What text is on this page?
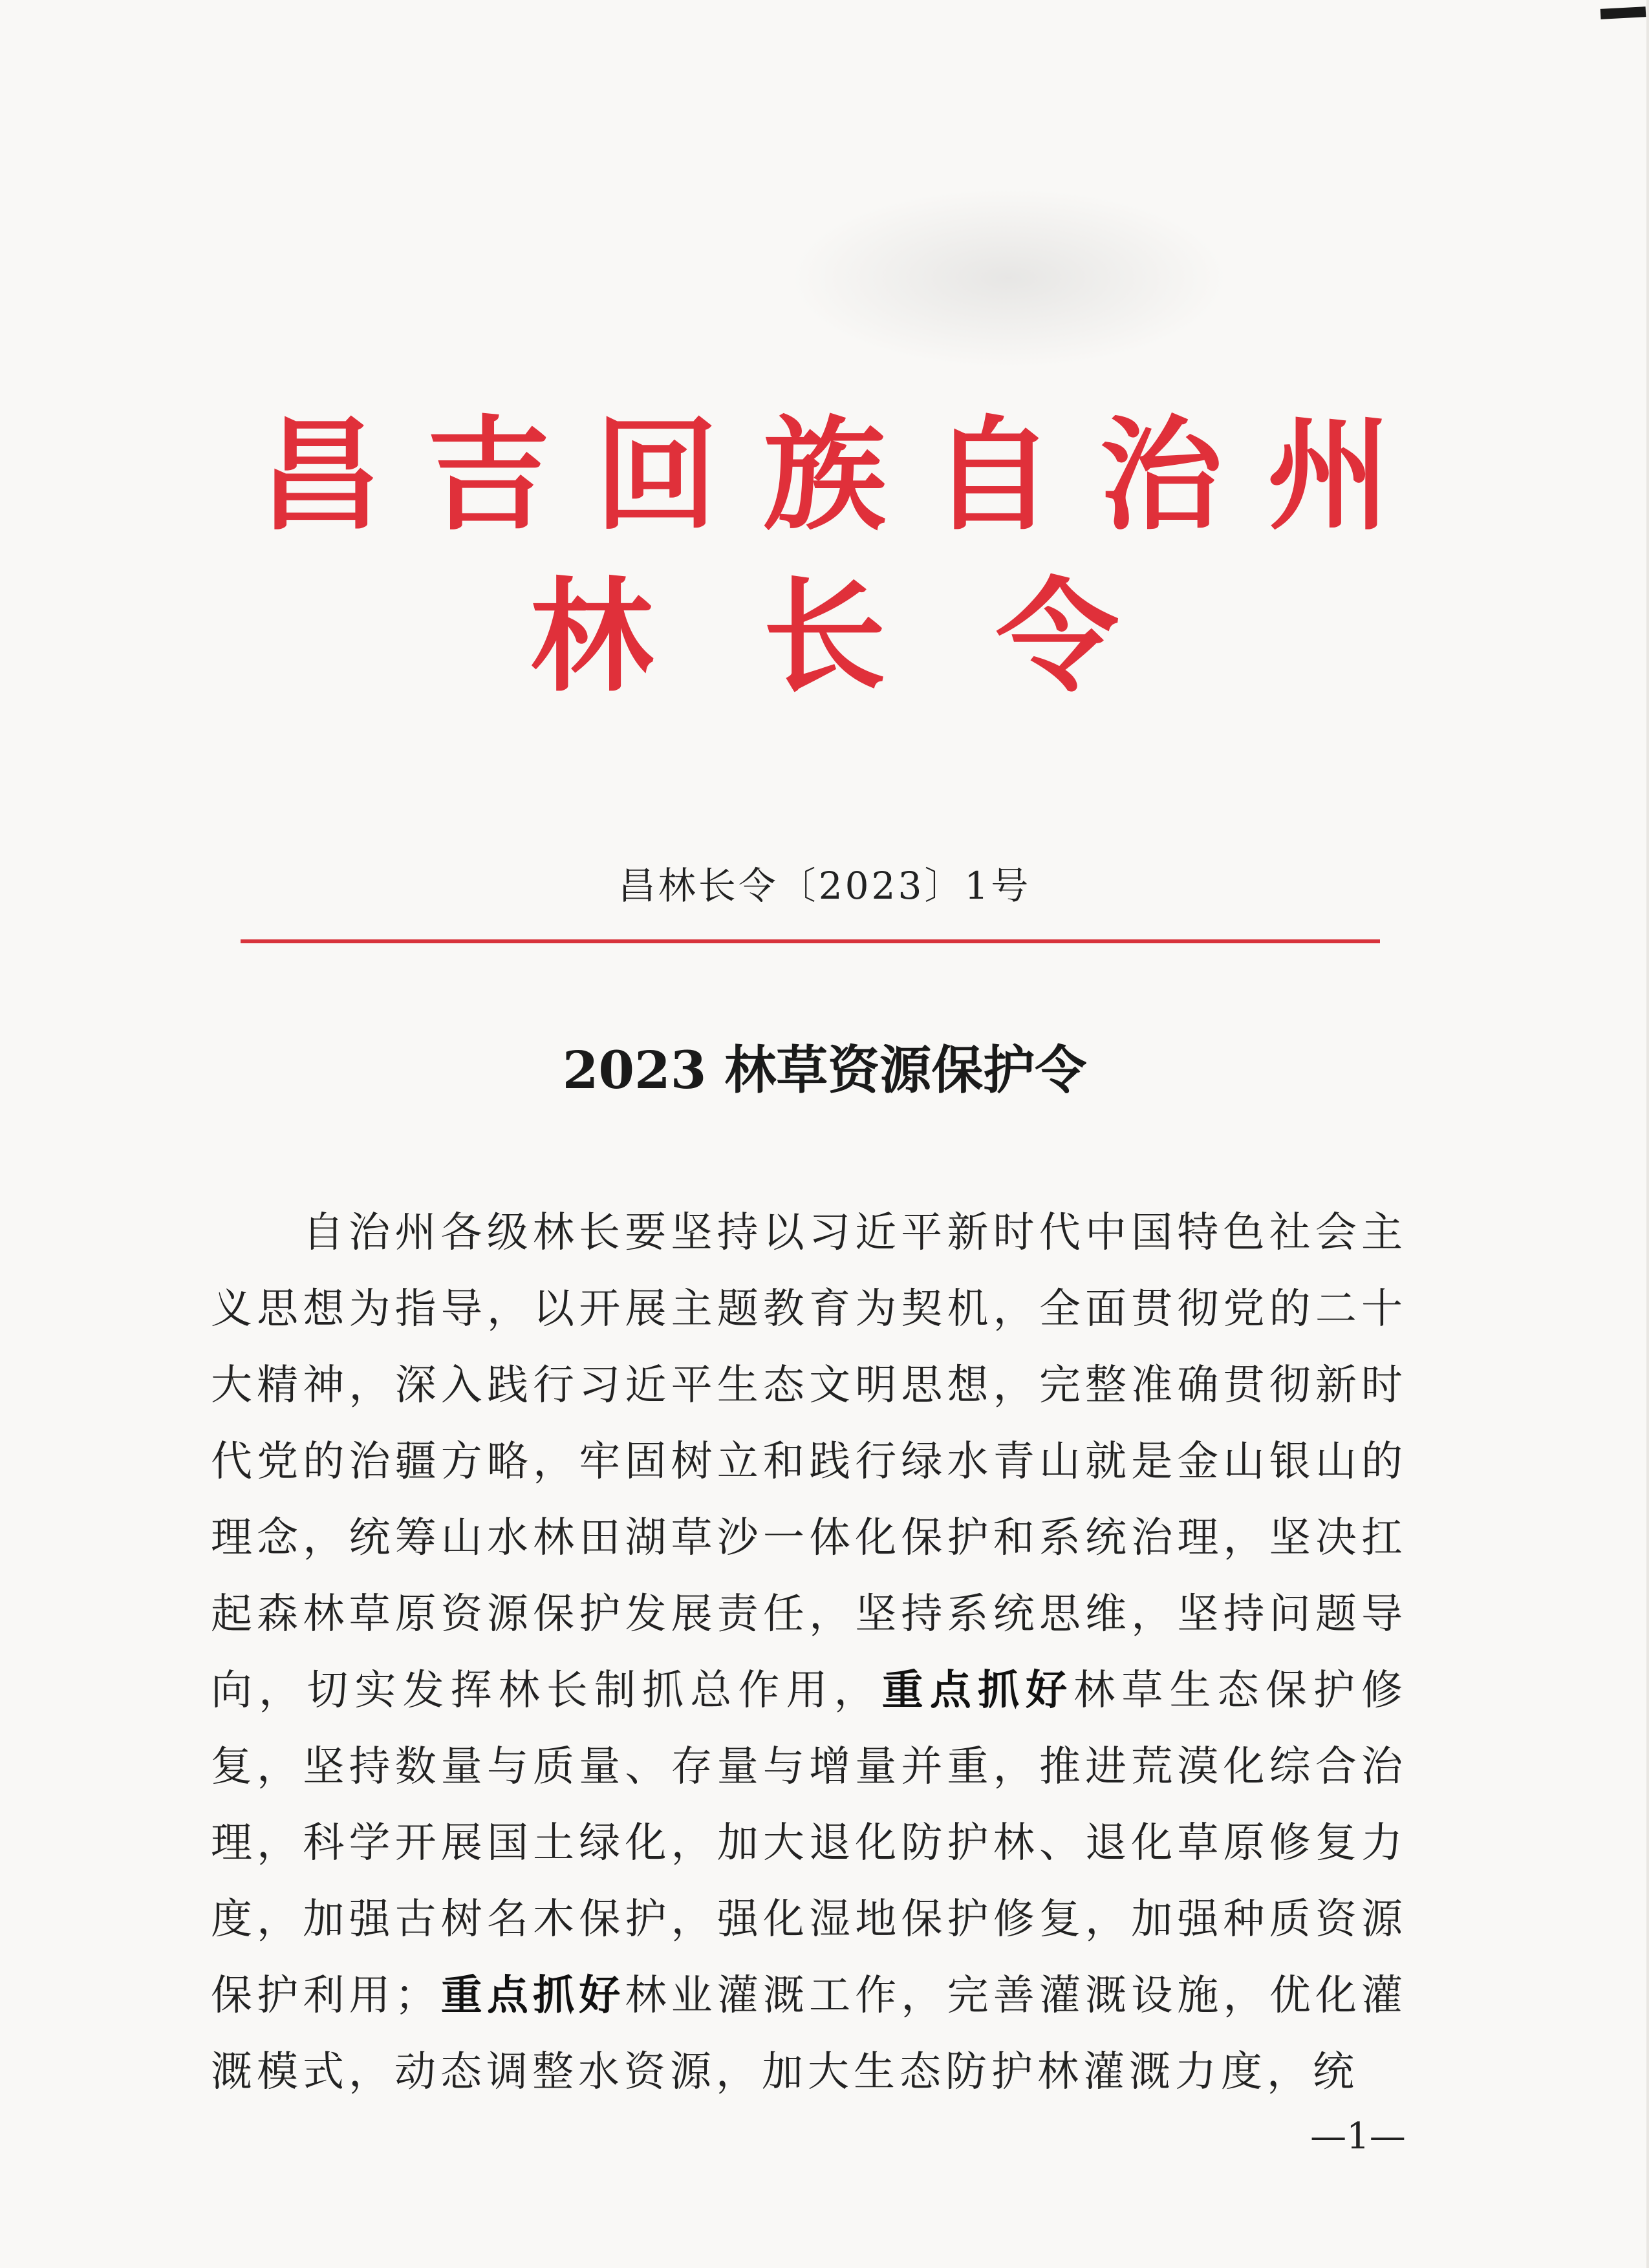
昌吉回族自治州
林长令
昌林长令〔2023〕1号
2023 林草资源保护令

自治州各级林长要坚持以习近平新时代中国特色社会主义思想为指导，以开展主题教育为契机，全面贯彻党的二十大精神，深入践行习近平生态文明思想，完整准确贯彻新时代党的治疆方略，牢固树立和践行绿水青山就是金山银山的理念，统筹山水林田湖草沙一体化保护和系统治理，坚决扛起森林草原资源保护发展责任，坚持系统思维，坚持问题导向，切实发挥林长制抓总作用，重点抓好林草生态保护修复，坚持数量与质量、存量与增量并重，推进荒漠化综合治理，科学开展国土绿化，加大退化防护林、退化草原修复力度，加强古树名木保护，强化湿地保护修复，加强种质资源保护利用；重点抓好林业灌溉工作，完善灌溉设施，优化灌溉模式，动态调整水资源，加大生态防护林灌溉力度，统

—1—
